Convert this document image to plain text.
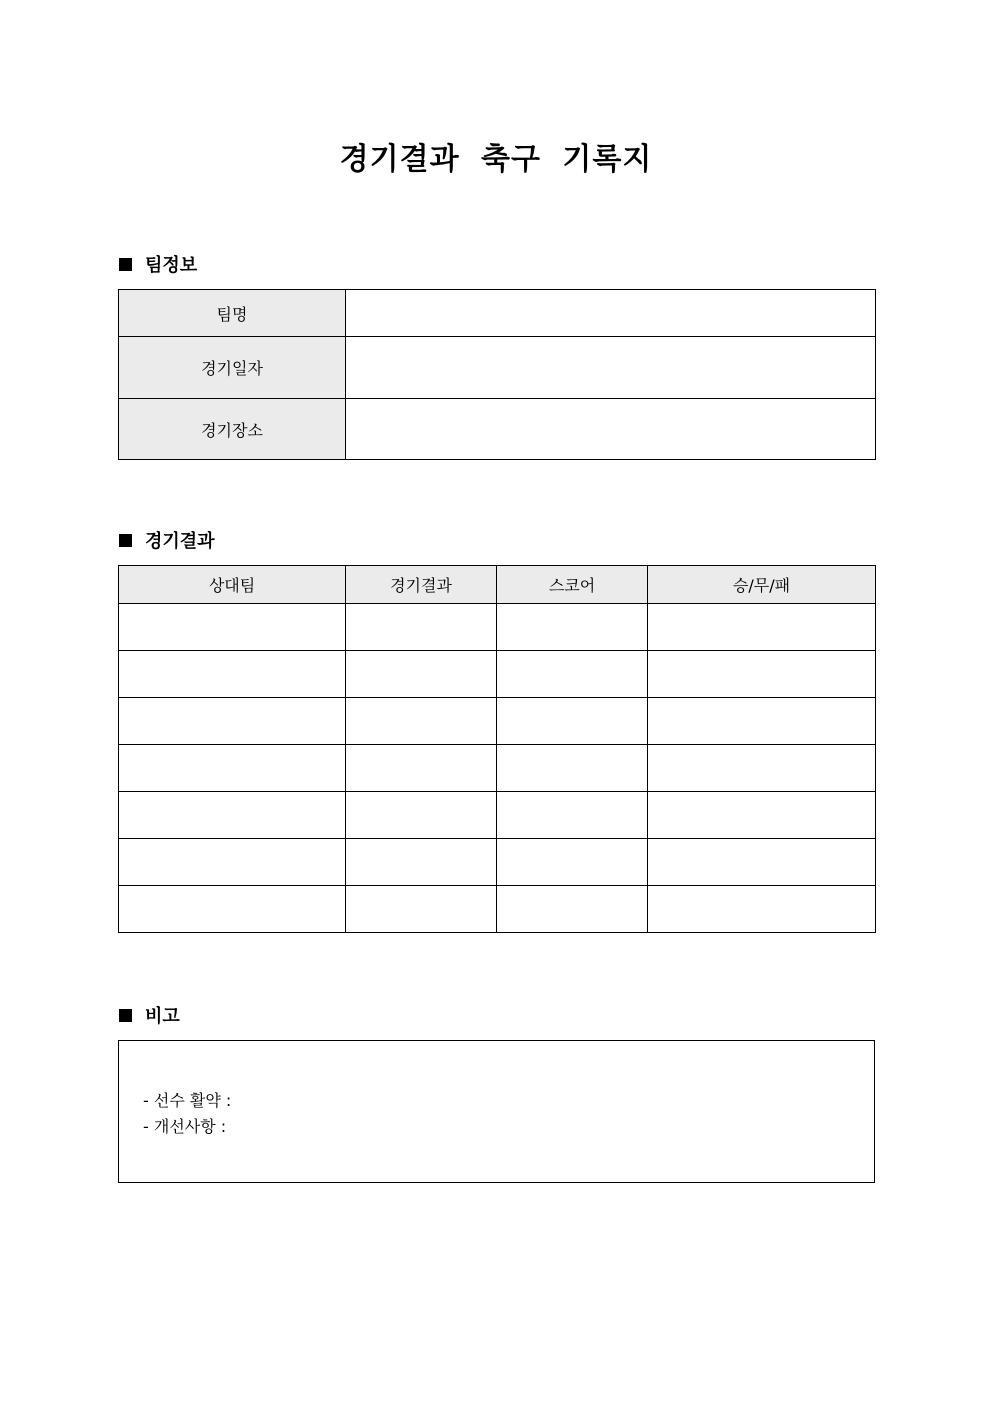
경기결과 축구 기록지
팀정보
팀명	
경기일자	
경기장소	
경기결과
상대팀	경기결과	스코어	승/무/패

비고
- 선수 활약 :
- 개선사항 :
